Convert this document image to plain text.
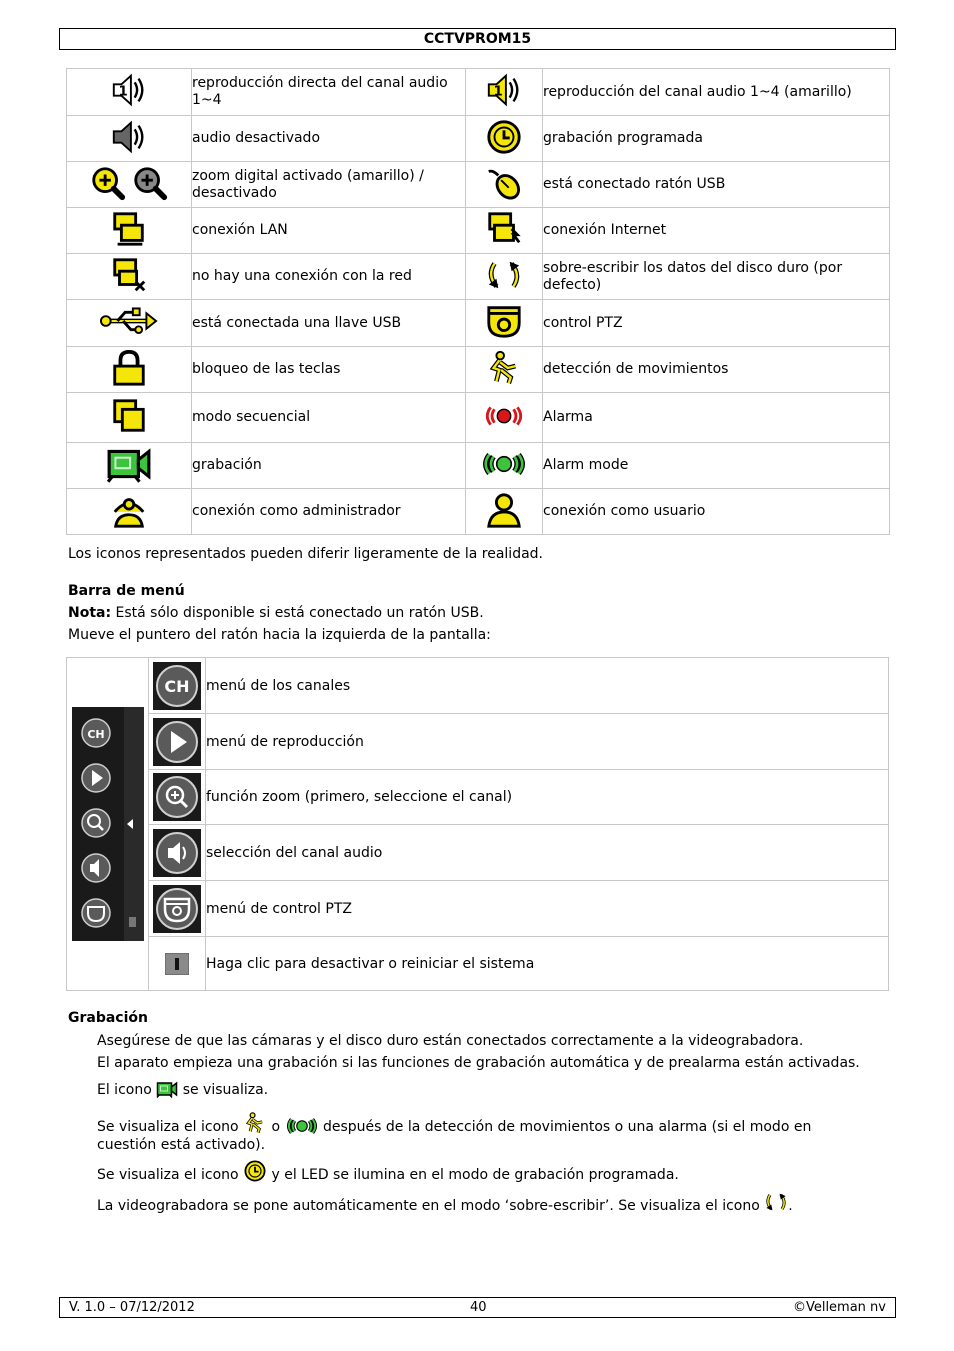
CCTVPROM15
	reproducción directa del canal audio 1~4		reproducción del canal audio 1~4 (amarillo)
	audio desactivado		grabación programada
	zoom digital activado (amarillo) / desactivado		está conectado ratón USB
	conexión LAN		conexión Internet
	no hay una conexión con la red		sobre-escribir los datos del disco duro (por defecto)
	está conectada una llave USB		control PTZ
	bloqueo de las teclas		detección de movimientos
	modo secuencial		Alarma
	grabación		Alarm mode
	conexión como administrador		conexión como usuario

Los iconos representados pueden diferir ligeramente de la realidad.

Barra de menú

Nota: Está sólo disponible si está conectado un ratón USB.

Mueve el puntero del ratón hacia la izquierda de la pantalla:

CH	CH	menú de los canales

	menú de reproducción

	función zoom (primero, seleccione el canal)

	selección del canal audio

	menú de control PTZ

	Haga clic para desactivar o reiniciar el sistema

Grabación

Asegúrese de que las cámaras y el disco duro están conectados correctamente a la videograbadora.

El aparato empieza una grabación si las funciones de grabación automática y de prealarma están activadas.

El icono se visualiza.

Se visualiza el icono o	después de la detección de movimientos o una alarma (si el modo en
cuestión está activado).

Se visualiza el icono y el LED se ilumina en el modo de grabación programada.

La videograbadora se pone automáticamente en el modo ‘sobre-escribir’. Se visualiza el icono .

V. 1.0 – 07/12/2012	40	©Velleman nv
